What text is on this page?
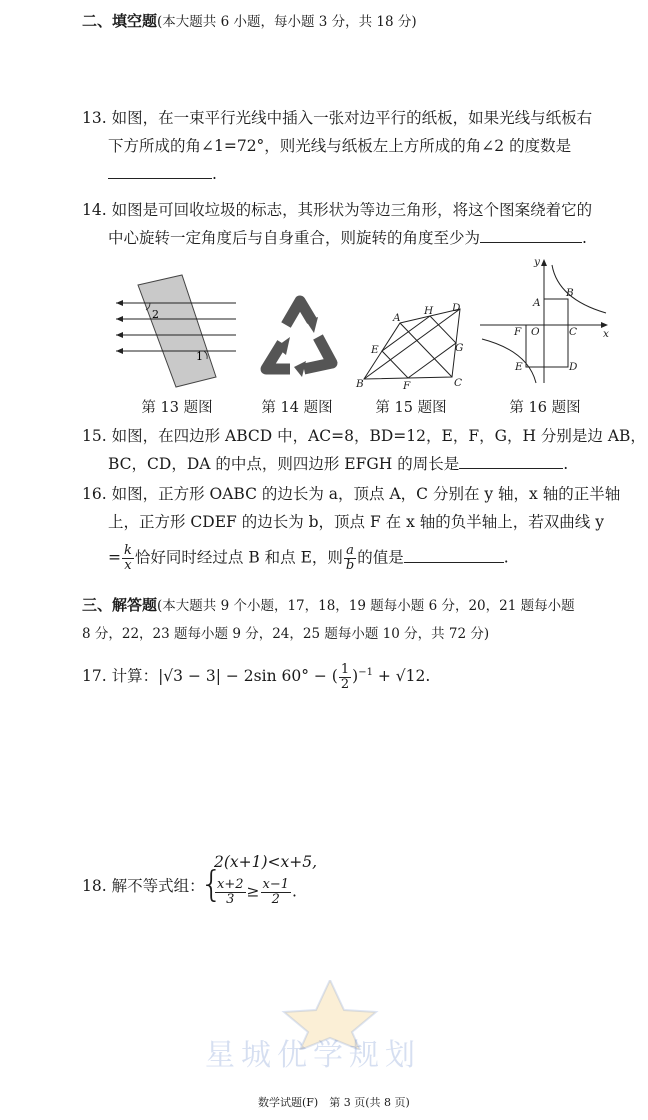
二、填空题(本大题共 6 小题，每小题 3 分，共 18 分)
13. 如图，在一束平行光线中插入一张对边平行的纸板，如果光线与纸板右
下方所成的角∠1=72°，则光线与纸板左上方所成的角∠2 的度数是
.
14. 如图是可回收垃圾的标志，其形状为等边三角形，将这个图案绕着它的
中心旋转一定角度后与自身重合，则旋转的角度至少为	.
2
1
A
H D
E	G
B	F	C
y
A
B
F O	C x
E	D
第 13 题图	第 14 题图	第 15 题图	第 16 题图
15. 如图，在四边形 ABCD 中，AC=8，BD=12，E，F，G，H 分别是边 AB，
BC，CD，DA 的中点，则四边形 EFGH 的周长是	.
16. 如图，正方形 OABC 的边长为 a，顶点 A，C 分别在 y 轴，x 轴的正半轴
上，正方形 CDEF 的边长为 b，顶点 F 在 x 轴的负半轴上，若双曲线 y
= $\frac{k}{x}$ 恰好同时经过点 B 和点 E，则 $\frac{a}{b}$ 的值是	.
三、解答题(本大题共 9 个小题，17，18，19 题每小题 6 分，20，21 题每小题
8 分，22，23 题每小题 9 分，24，25 题每小题 10 分，共 72 分)
17. 计算：|√3 − 3| − 2sin 60° − ( $\frac{1}{2} )^{-1} + √12$.
18. 解不等式组：
{
2(x+1)<x+5,
$\frac{x+2}{3} \ge \frac{x-1}{2}$ .
星城优学规划
数学试题(F)　第 3 页(共 8 页)
